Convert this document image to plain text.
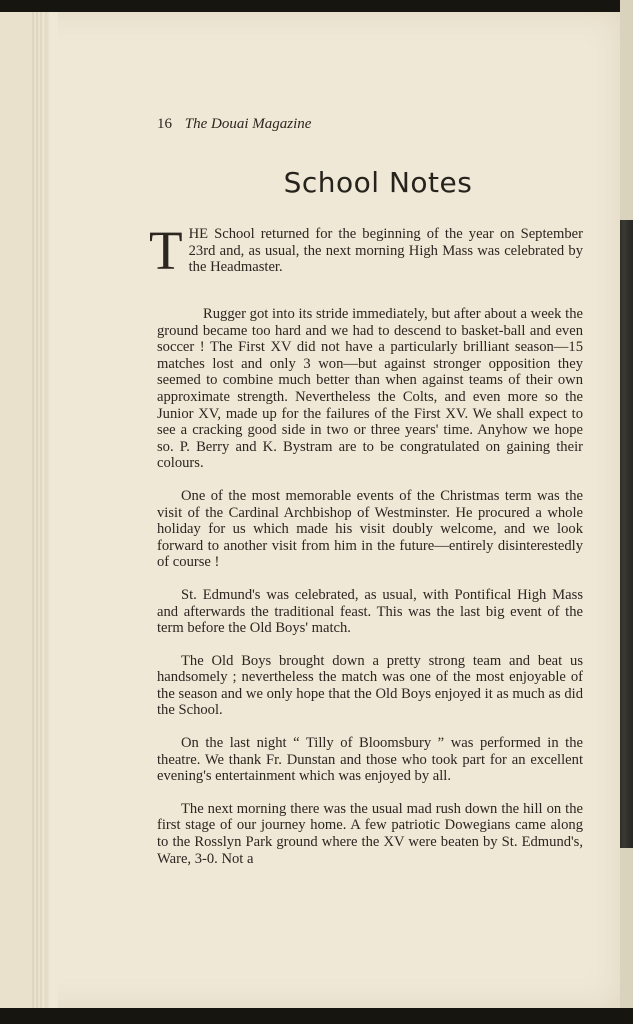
16 The Douai Magazine
School Notes

T HE School returned for the beginning of the year on September 23rd and, as usual, the next morning High Mass was celebrated by the Headmaster.

Rugger got into its stride immediately, but after about a week the ground became too hard and we had to descend to basket-ball and even soccer ! The First XV did not have a particularly brilliant season—15 matches lost and only 3 won—but against stronger opposition they seemed to combine much better than when against teams of their own approximate strength. Nevertheless the Colts, and even more so the Junior XV, made up for the failures of the First XV. We shall expect to see a cracking good side in two or three years' time. Anyhow we hope so. P. Berry and K. Bystram are to be congratulated on gaining their colours.

One of the most memorable events of the Christmas term was the visit of the Cardinal Archbishop of Westminster. He procured a whole holiday for us which made his visit doubly welcome, and we look forward to another visit from him in the future—entirely disinterestedly of course !

St. Edmund's was celebrated, as usual, with Pontifical High Mass and afterwards the traditional feast. This was the last big event of the term before the Old Boys' match.

The Old Boys brought down a pretty strong team and beat us handsomely ; nevertheless the match was one of the most enjoyable of the season and we only hope that the Old Boys enjoyed it as much as did the School.

On the last night “ Tilly of Bloomsbury ” was performed in the theatre. We thank Fr. Dunstan and those who took part for an excellent evening's entertainment which was enjoyed by all.

The next morning there was the usual mad rush down the hill on the first stage of our journey home. A few patriotic Dowegians came along to the Rosslyn Park ground where the XV were beaten by St. Edmund's, Ware, 3-0. Not a
